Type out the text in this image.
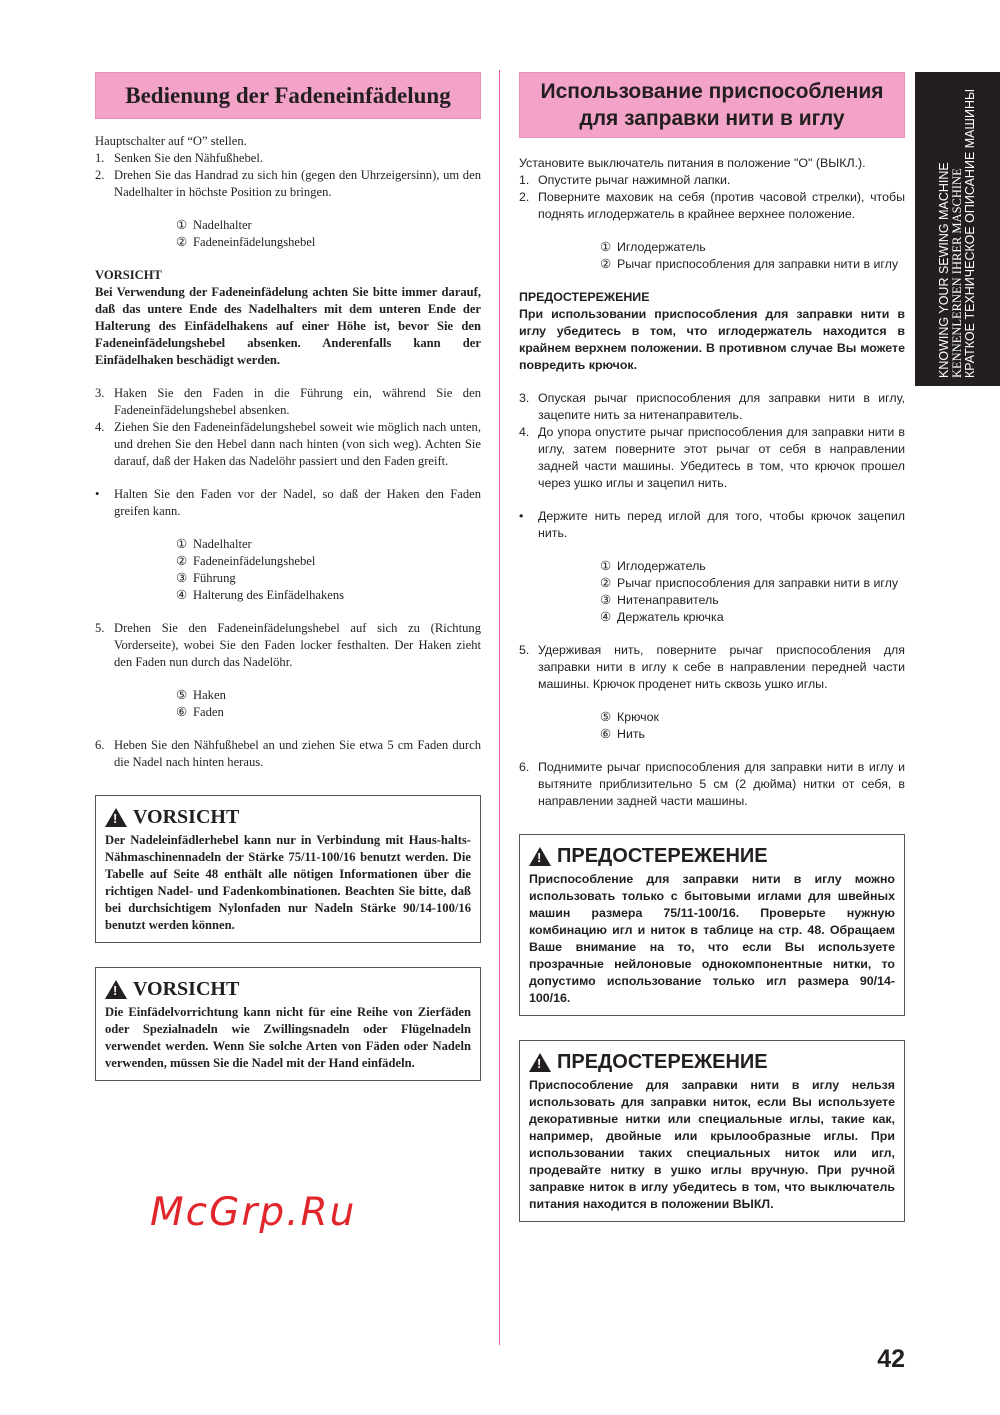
KNOWING YOUR SEWING MACHINE KENNENLERNEN IHRER MASCHINE КРАТКОЕ ТЕХНИЧЕСКОЕ ОПИСАНИЕ МАШИНЫ
Bedienung der Fadeneinfädelung	Использование приспособления для заправки нити в иглу
Hauptschalter auf “O” stellen.
1. Senken Sie den Nähfußhebel.
2. Drehen Sie das Handrad zu sich hin (gegen den Uhrzeigersinn), um den Nadelhalter in höchste Position zu bringen.
① Nadelhalter
② Fadeneinfädelungshebel
VORSICHT
Bei Verwendung der Fadeneinfädelung achten Sie bitte immer darauf, daß das untere Ende des Nadelhalters mit dem unteren Ende der Halterung des Einfädelhakens auf einer Höhe ist, bevor Sie den Fadeneinfädelungshebel absenken. Anderenfalls kann der Einfädelhaken beschädigt werden.
3. Haken Sie den Faden in die Führung ein, während Sie den Fadeneinfädelungshebel absenken.
4. Ziehen Sie den Fadeneinfädelungshebel soweit wie möglich nach unten, und drehen Sie den Hebel dann nach hinten (von sich weg). Achten Sie darauf, daß der Haken das Nadelöhr passiert und den Faden greift.
•	Halten Sie den Faden vor der Nadel, so daß der Haken den Faden greifen kann.
① Nadelhalter
② Fadeneinfädelungshebel
③ Führung
④ Halterung des Einfädelhakens
5. Drehen Sie den Fadeneinfädelungshebel auf sich zu (Richtung Vorderseite), wobei Sie den Faden locker festhalten. Der Haken zieht den Faden nun durch das Nadelöhr.
⑤ Haken
⑥ Faden
6. Heben Sie den Nähfußhebel an und ziehen Sie etwa 5 cm Faden durch die Nadel nach hinten heraus.
!
VORSICHT

Der Nadeleinfädlerhebel kann nur in Verbindung mit Haus-halts-Nähmaschinennadeln der Stärke 75/11-100/16 benutzt werden. Die Tabelle auf Seite 48 enthält alle nötigen Informationen über die richtigen Nadel- und Fadenkombinationen. Beachten Sie bitte, daß bei durchsichtigem Nylonfaden nur Nadeln Stärke 90/14-100/16 benutzt werden können.

!
VORSICHT

Die Einfädelvorrichtung kann nicht für eine Reihe von Zierfäden oder Spezialnadeln wie Zwillingsnadeln oder Flügelnadeln verwendet werden. Wenn Sie solche Arten von Fäden oder Nadeln verwenden, müssen Sie die Nadel mit der Hand einfädeln.

Установите выключатель питания в положение "O" (ВЫКЛ.).
1. Опустите рычаг нажимной лапки.
2. Поверните маховик на себя (против часовой стрелки), чтобы поднять иглодержатель в крайнее верхнее положение.
① Иглодержатель
② Рычаг приспособления для заправки нити в иглу
ПРЕДОСТЕРЕЖЕНИЕ
При использовании приспособления для заправки нити в иглу убедитесь в том, что иглодержатель находится в крайнем верхнем положении. В противном случае Вы можете повредить крючок.
3. Опуская рычаг приспособления для заправки нити в иглу, зацепите нить за нитенаправитель.
4. До упора опустите рычаг приспособления для заправки нити в иглу, затем поверните этот рычаг от себя в направлении задней части машины. Убедитесь в том, что крючок прошел через ушко иглы и зацепил нить.
•	Держите нить перед иглой для того, чтобы крючок зацепил нить.
① Иглодержатель
② Рычаг приспособления для заправки нити в иглу
③ Нитенаправитель
④ Держатель крючка
5. Удерживая нить, поверните рычаг приспособления для заправки нити в иглу к себе в направлении передней части машины. Крючок проденет нить сквозь ушко иглы.
⑤ Крючок
⑥ Нить
6. Поднимите рычаг приспособления для заправки нити в иглу и вытяните приблизительно 5 см (2 дюйма) нитки от себя, в направлении задней части машины.
!
ПРЕДОСТЕРЕЖЕНИЕ

Приспособление для заправки нити в иглу можно использовать только с бытовыми иглами для швейных машин размера 75/11-100/16. Проверьте нужную комбинацию игл и ниток в таблице на стр. 48. Обращаем Ваше внимание на то, что если Вы используете прозрачные нейлоновые однокомпонентные нитки, то допустимо использование только игл размера 90/14-100/16.

!
ПРЕДОСТЕРЕЖЕНИЕ

Приспособление для заправки нити в иглу нельзя использовать для заправки ниток, если Вы используете декоративные нитки или специальные иглы, такие как, например, двойные или крылообразные иглы. При использовании таких специальных ниток или игл, продевайте нитку в ушко иглы вручную. При ручной заправке ниток в иглу убедитесь в том, что выключатель питания находится в положении ВЫКЛ.

McGrp.Ru
42
